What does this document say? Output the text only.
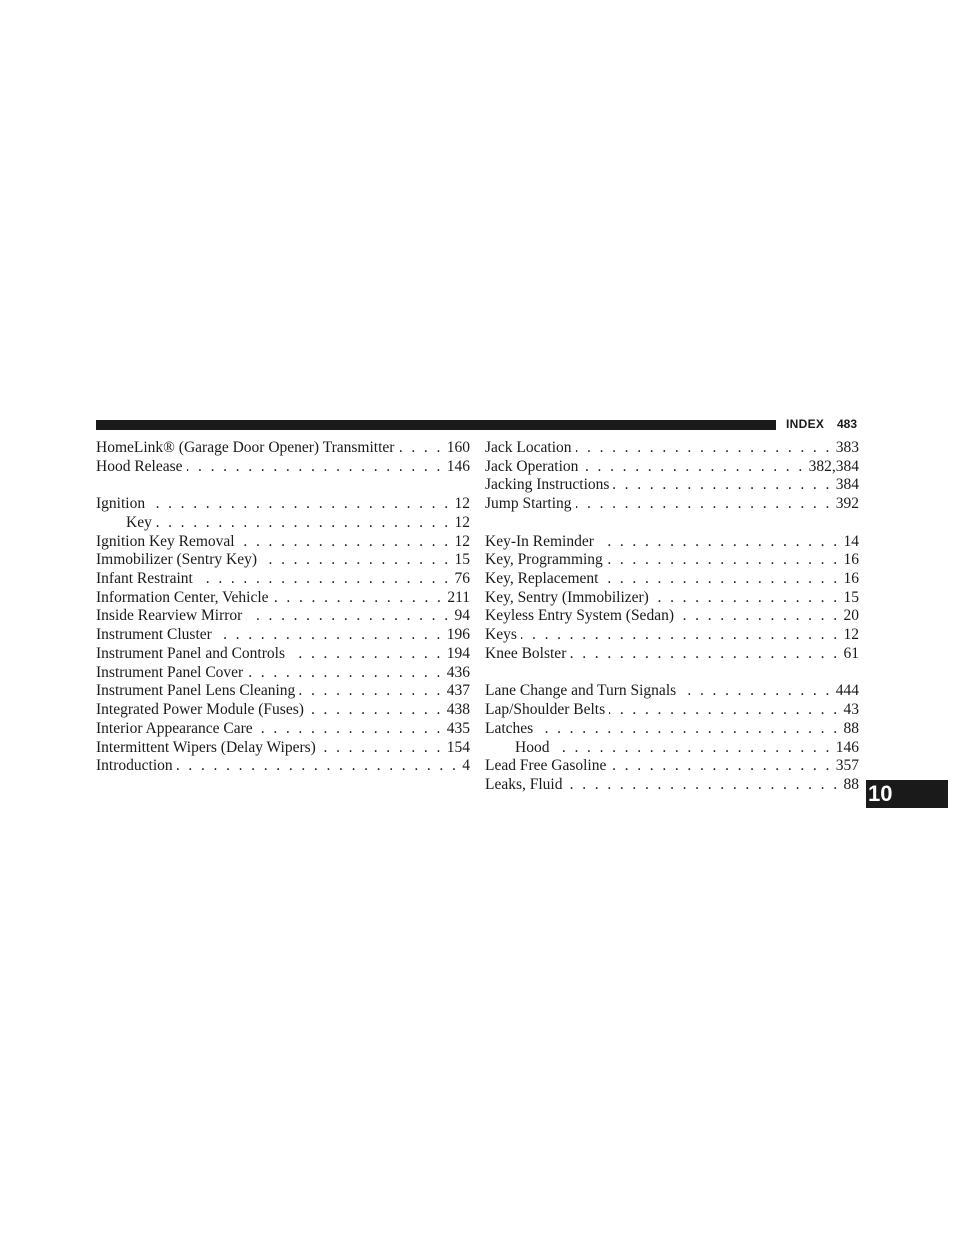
INDEX 483
HomeLink® (Garage Door Opener) Transmitter . . .	160
Hood Release . . .	146
Ignition . . .	12
Key . . .	12
Ignition Key Removal . . .	12
Immobilizer (Sentry Key) . . .	15
Infant Restraint . . .	76
Information Center, Vehicle . . .	211
Inside Rearview Mirror . . .	94
Instrument Cluster . . .	196
Instrument Panel and Controls . . .	194
Instrument Panel Cover . . .	436
Instrument Panel Lens Cleaning . . .	437
Integrated Power Module (Fuses) . . .	438
Interior Appearance Care . . .	435
Intermittent Wipers (Delay Wipers) . . .	154
Introduction . . .	4
Jack Location . . .	383
Jack Operation . . .	382,384
Jacking Instructions . . .	384
Jump Starting . . .	392
Key-In Reminder . . .	14
Key, Programming . . .	16
Key, Replacement . . .	16
Key, Sentry (Immobilizer) . . .	15
Keyless Entry System (Sedan) . . .	20
Keys . . .	12
Knee Bolster . . .	61
Lane Change and Turn Signals . . .	444
Lap/Shoulder Belts . . .	43
Latches . . .	88
Hood . . .	146
Lead Free Gasoline . . .	357
Leaks, Fluid . . .	88 10
